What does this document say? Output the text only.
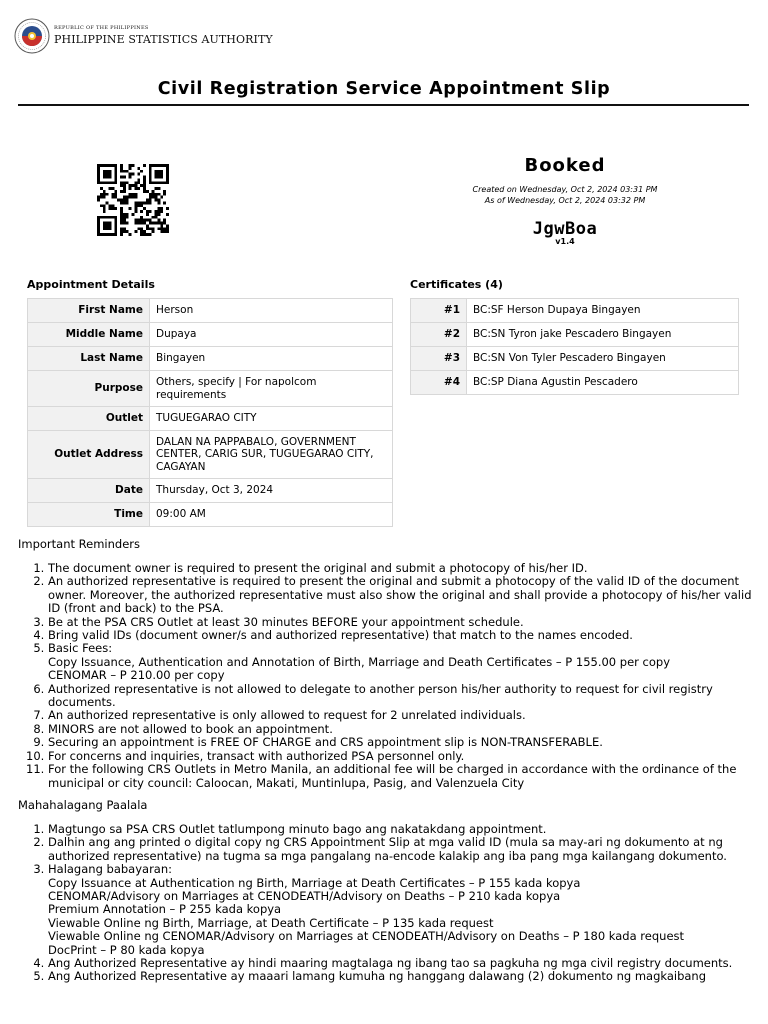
REPUBLIC OF THE PHILIPPINES
PHILIPPINE STATISTICS AUTHORITY
Civil Registration Service Appointment Slip
Booked
Created on Wednesday, Oct 2, 2024 03:31 PM
As of Wednesday, Oct 2, 2024 03:32 PM
JgwBoa
v1.4
Appointment Details
First Name	Herson
Middle Name	Dupaya
Last Name	Bingayen
Purpose	Others, specify | For napolcom requirements
Outlet	TUGUEGARAO CITY
Outlet Address	DALAN NA PAPPABALO, GOVERNMENT CENTER, CARIG SUR, TUGUEGARAO CITY, CAGAYAN
Date	Thursday, Oct 3, 2024
Time	09:00 AM
Certificates (4)
#1	BC:SF Herson Dupaya Bingayen
#2	BC:SN Tyron jake Pescadero Bingayen
#3	BC:SN Von Tyler Pescadero Bingayen
#4	BC:SP Diana Agustin Pescadero
Important Reminders
1. The document owner is required to present the original and submit a photocopy of his/her ID.
2. An authorized representative is required to present the original and submit a photocopy of the valid ID of the document owner. Moreover, the authorized representative must also show the original and shall provide a photocopy of his/her valid ID (front and back) to the PSA.
3. Be at the PSA CRS Outlet at least 30 minutes BEFORE your appointment schedule.
4. Bring valid IDs (document owner/s and authorized representative) that match to the names encoded.
5. Basic Fees:
Copy Issuance, Authentication and Annotation of Birth, Marriage and Death Certificates – P 155.00 per copy
CENOMAR – P 210.00 per copy
6. Authorized representative is not allowed to delegate to another person his/her authority to request for civil registry documents.
7. An authorized representative is only allowed to request for 2 unrelated individuals.
8. MINORS are not allowed to book an appointment.
9. Securing an appointment is FREE OF CHARGE and CRS appointment slip is NON-TRANSFERABLE.
10. For concerns and inquiries, transact with authorized PSA personnel only.
11. For the following CRS Outlets in Metro Manila, an additional fee will be charged in accordance with the ordinance of the municipal or city council: Caloocan, Makati, Muntinlupa, Pasig, and Valenzuela City
Mahahalagang Paalala
1. Magtungo sa PSA CRS Outlet tatlumpong minuto bago ang nakatakdang appointment.
2. Dalhin ang ang printed o digital copy ng CRS Appointment Slip at mga valid ID (mula sa may-ari ng dokumento at ng authorized representative) na tugma sa mga pangalang na-encode kalakip ang iba pang mga kailangang dokumento.
3. Halagang babayaran:
Copy Issuance at Authentication ng Birth, Marriage at Death Certificates – P 155 kada kopya
CENOMAR/Advisory on Marriages at CENODEATH/Advisory on Deaths – P 210 kada kopya
Premium Annotation – P 255 kada kopya
Viewable Online ng Birth, Marriage, at Death Certificate – P 135 kada request
Viewable Online ng CENOMAR/Advisory on Marriages at CENODEATH/Advisory on Deaths – P 180 kada request
DocPrint – P 80 kada kopya
4. Ang Authorized Representative ay hindi maaring magtalaga ng ibang tao sa pagkuha ng mga civil registry documents.
5. Ang Authorized Representative ay maaari lamang kumuha ng hanggang dalawang (2) dokumento ng magkaibang
